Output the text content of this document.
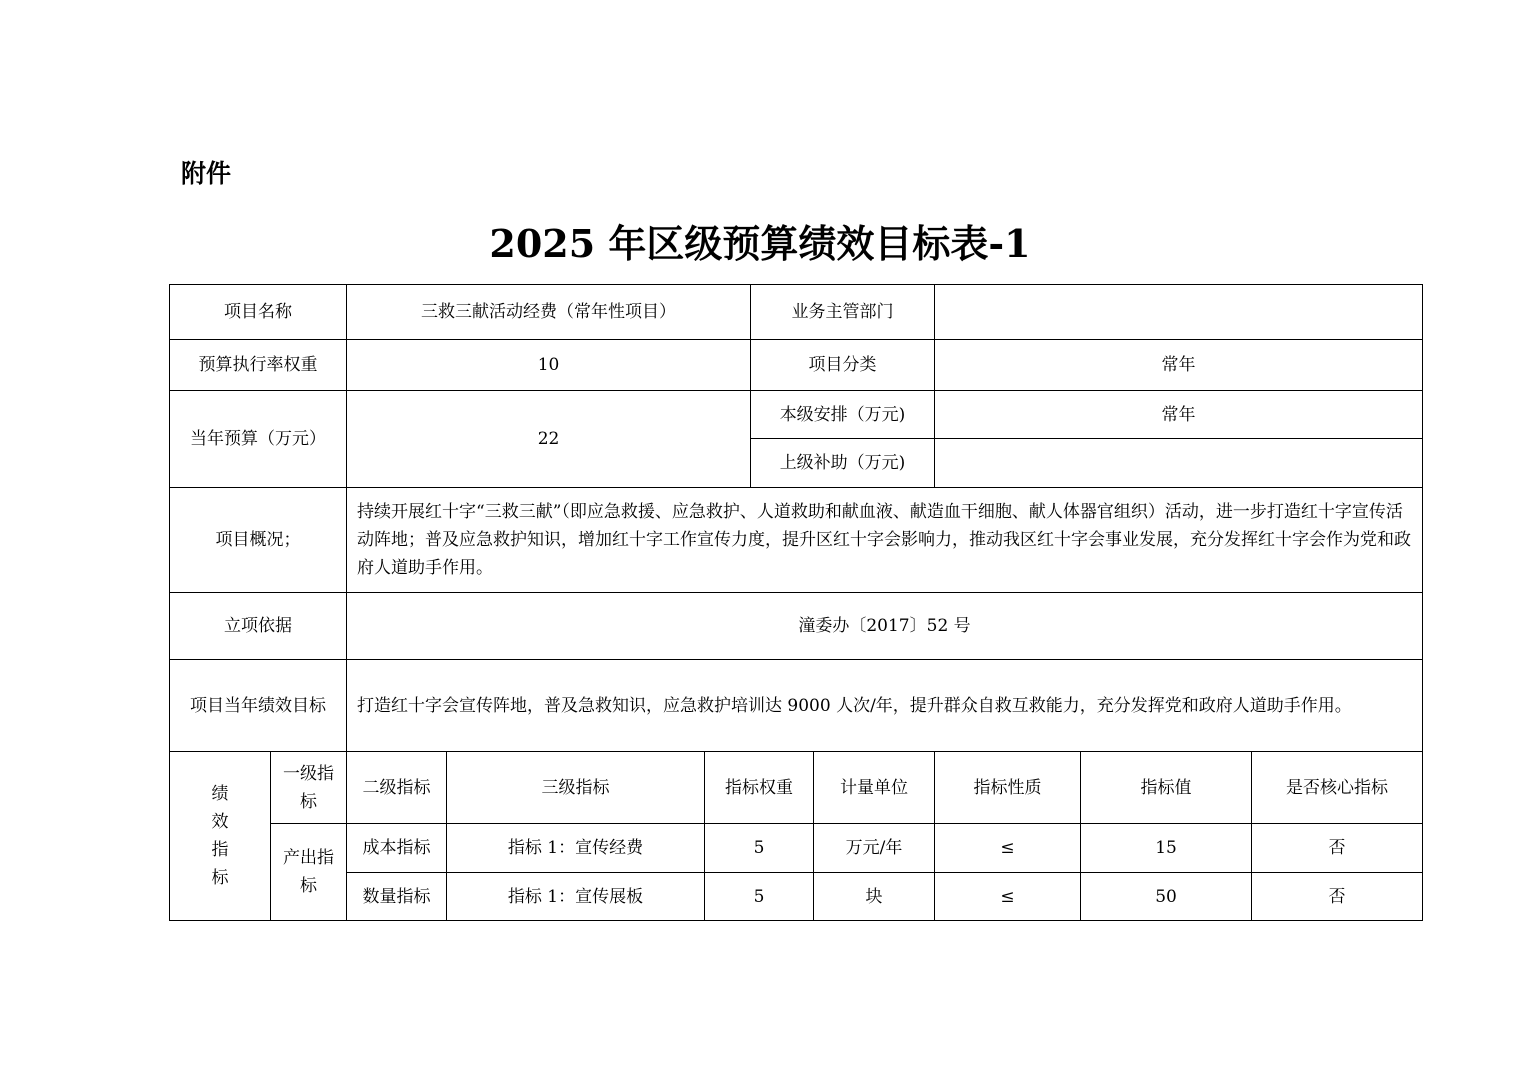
附件
2025 年区级预算绩效目标表-1
项目名称		三救三献活动经费（常年性项目）			业务主管部门				
预算执行率权重		10			项目分类		常年		
当年预算（万元）		22			本级安排（万元)		常年		
					上级补助（万元)				
项目概况；		持续开展红十字“三救三献”（即应急救援、应急救护、人道救助和献血液、献造血干细胞、献人体器官组织）活动，进一步打造红十字宣传活动阵地；普及应急救护知识，增加红十字工作宣传力度，提升区红十字会影响力，推动我区红十字会事业发展，充分发挥红十字会作为党和政府人道助手作用。							
立项依据		潼委办〔2017〕52 号							
项目当年绩效目标		打造红十字会宣传阵地，普及急救知识，应急救护培训达 9000 人次/年，提升群众自救互救能力，充分发挥党和政府人道助手作用。							

绩
效
指
标	一级指标	二级指标	三级指标	指标权重		计量单位	指标性质	指标值	是否核心指标
	产出指标	成本指标	指标 1：宣传经费	5		万元/年	≤	15	否
		数量指标	指标 1：宣传展板	5		块	≤	50	否
